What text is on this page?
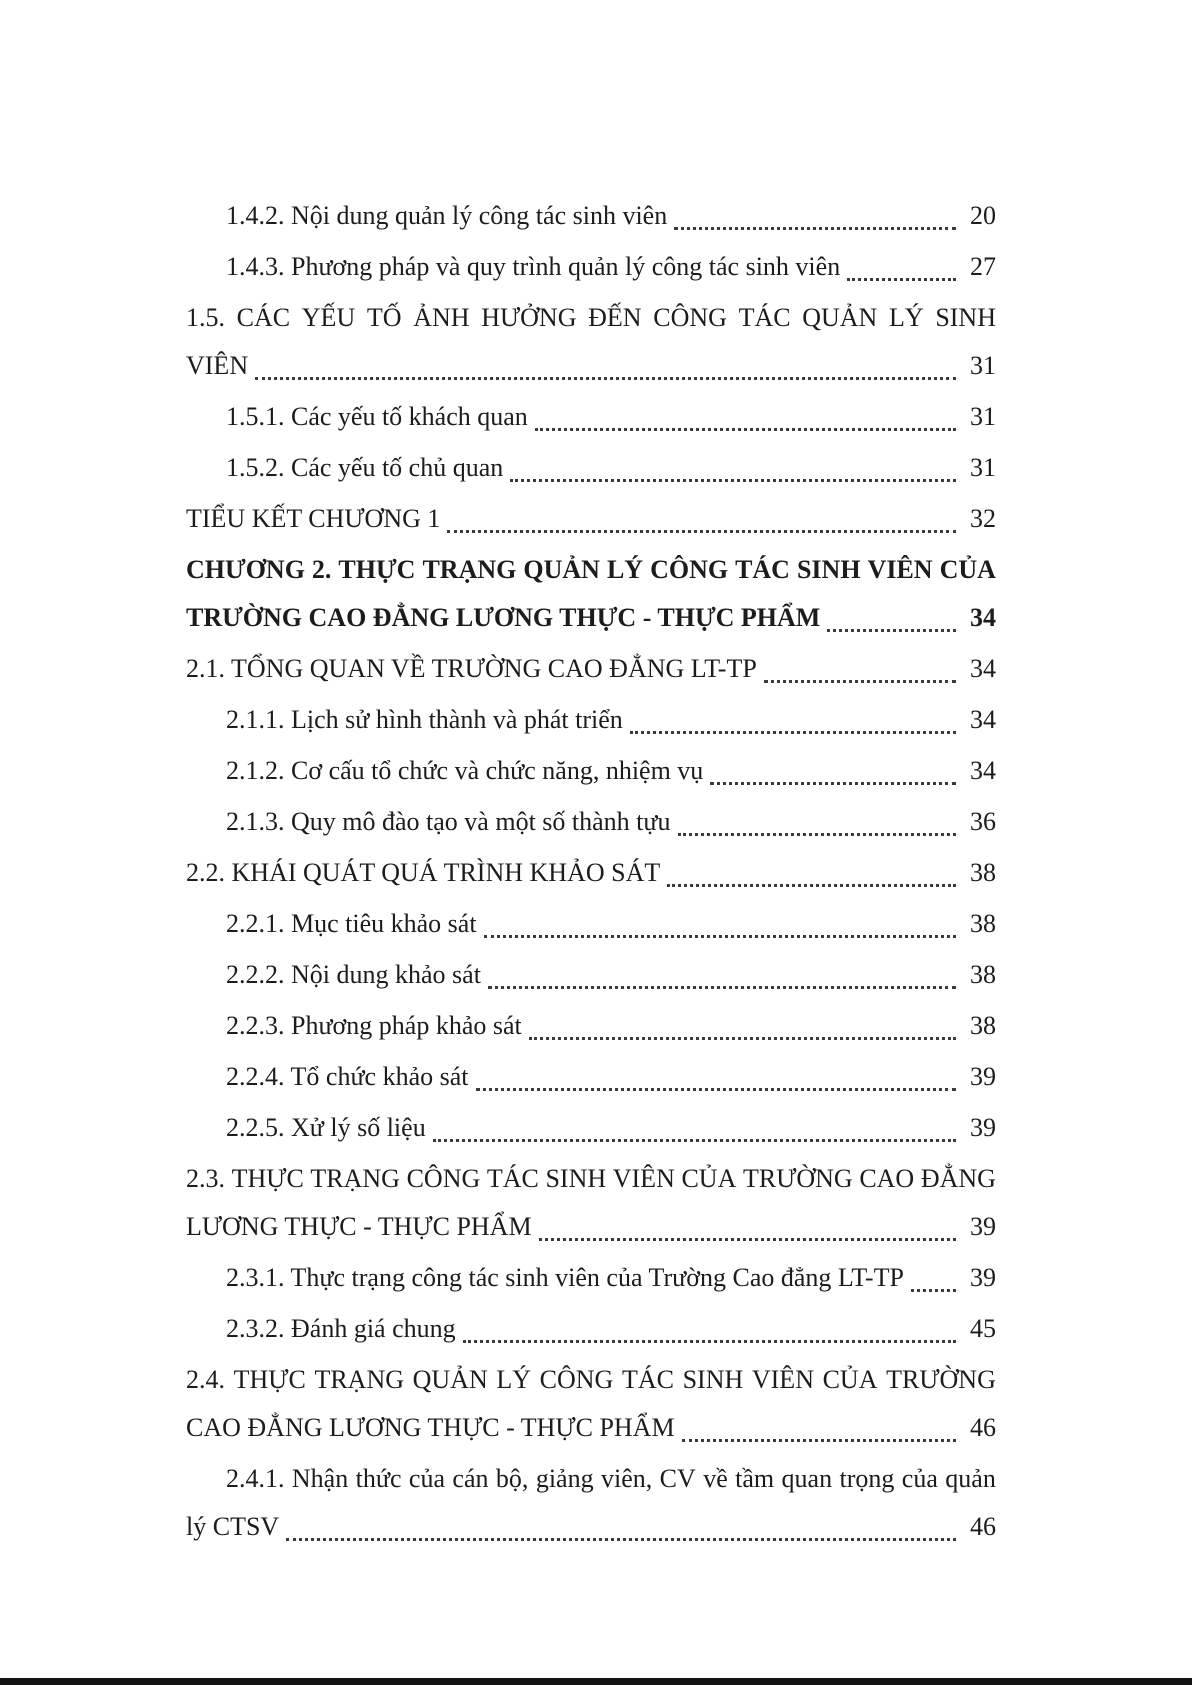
1.4.2. Nội dung quản lý công tác sinh viên	20
1.4.3. Phương pháp và quy trình quản lý công tác sinh viên	27
1.5. CÁC YẾU TỐ ẢNH HƯỞNG ĐẾN CÔNG TÁC QUẢN LÝ SINH
VIÊN	31
1.5.1. Các yếu tố khách quan	31
1.5.2. Các yếu tố chủ quan	31
TIỂU KẾT CHƯƠNG 1	32
CHƯƠNG 2. THỰC TRẠNG QUẢN LÝ CÔNG TÁC SINH VIÊN CỦA
TRƯỜNG CAO ĐẲNG LƯƠNG THỰC - THỰC PHẨM	34
2.1. TỔNG QUAN VỀ TRƯỜNG CAO ĐẲNG LT-TP	34
2.1.1. Lịch sử hình thành và phát triển	34
2.1.2. Cơ cấu tổ chức và chức năng, nhiệm vụ	34
2.1.3. Quy mô đào tạo và một số thành tựu	36
2.2. KHÁI QUÁT QUÁ TRÌNH KHẢO SÁT	38
2.2.1. Mục tiêu khảo sát	38
2.2.2. Nội dung khảo sát	38
2.2.3. Phương pháp khảo sát	38
2.2.4. Tổ chức khảo sát	39
2.2.5. Xử lý số liệu	39
2.3. THỰC TRẠNG CÔNG TÁC SINH VIÊN CỦA TRƯỜNG CAO ĐẲNG
LƯƠNG THỰC - THỰC PHẨM	39
2.3.1. Thực trạng công tác sinh viên của Trường Cao đẳng LT-TP	39
2.3.2. Đánh giá chung	45
2.4. THỰC TRẠNG QUẢN LÝ CÔNG TÁC SINH VIÊN CỦA TRƯỜNG
CAO ĐẲNG LƯƠNG THỰC - THỰC PHẨM	46
2.4.1. Nhận thức của cán bộ, giảng viên, CV về tầm quan trọng của quản
lý CTSV	46
